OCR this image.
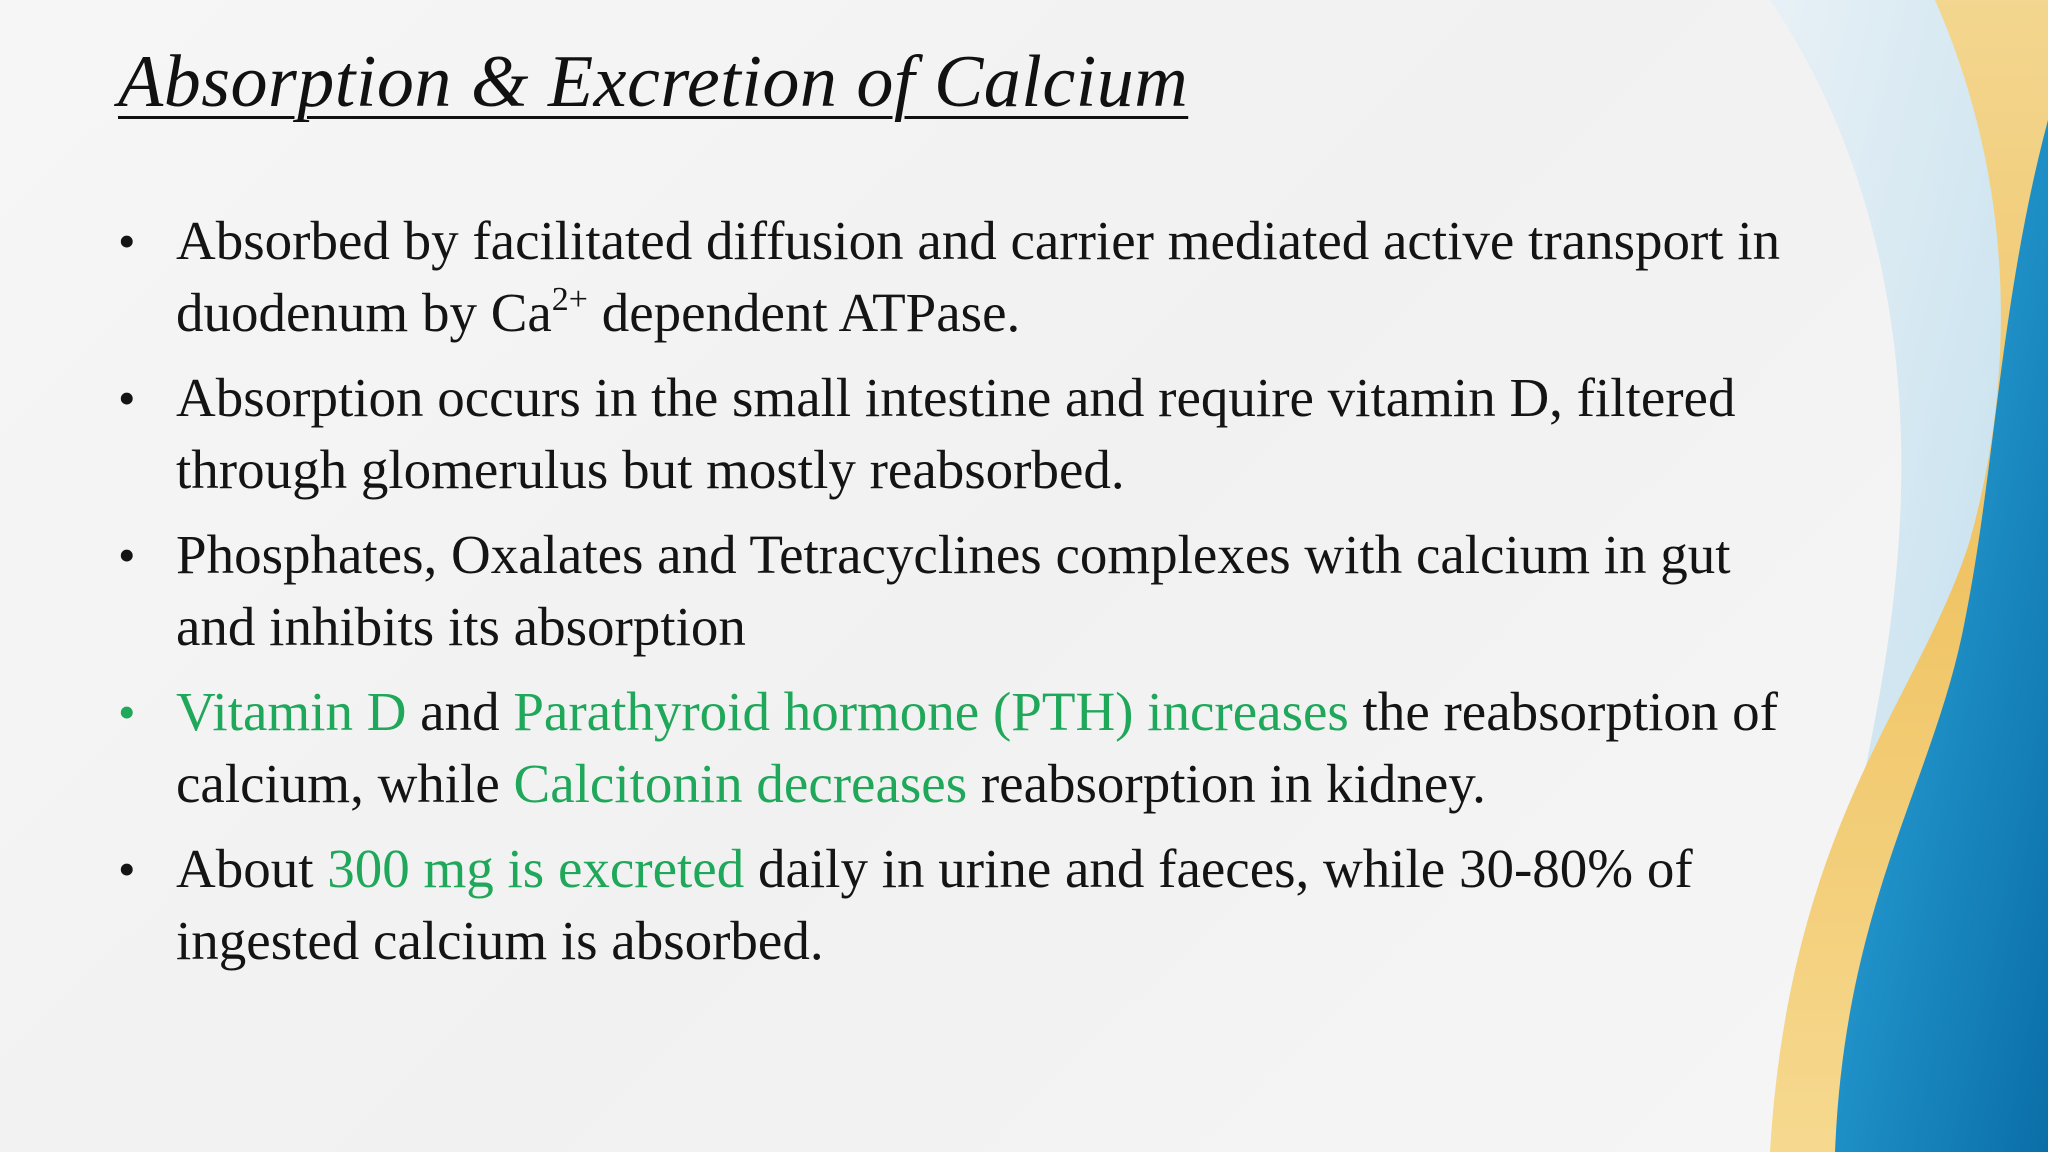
Absorption & Excretion of Calcium
• Absorbed by facilitated diffusion and carrier mediated active transport in
duodenum by $Ca^{2+}$ dependent ATPase.
• Absorption occurs in the small intestine and require vitamin D, filtered
through glomerulus but mostly reabsorbed.
• Phosphates, Oxalates and Tetracyclines complexes with calcium in gut
and inhibits its absorption
• Vitamin D and Parathyroid hormone (PTH) increases the reabsorption of
calcium, while Calcitonin decreases reabsorption in kidney.
• About 300 mg is excreted daily in urine and faeces, while 30-80% of
ingested calcium is absorbed.
